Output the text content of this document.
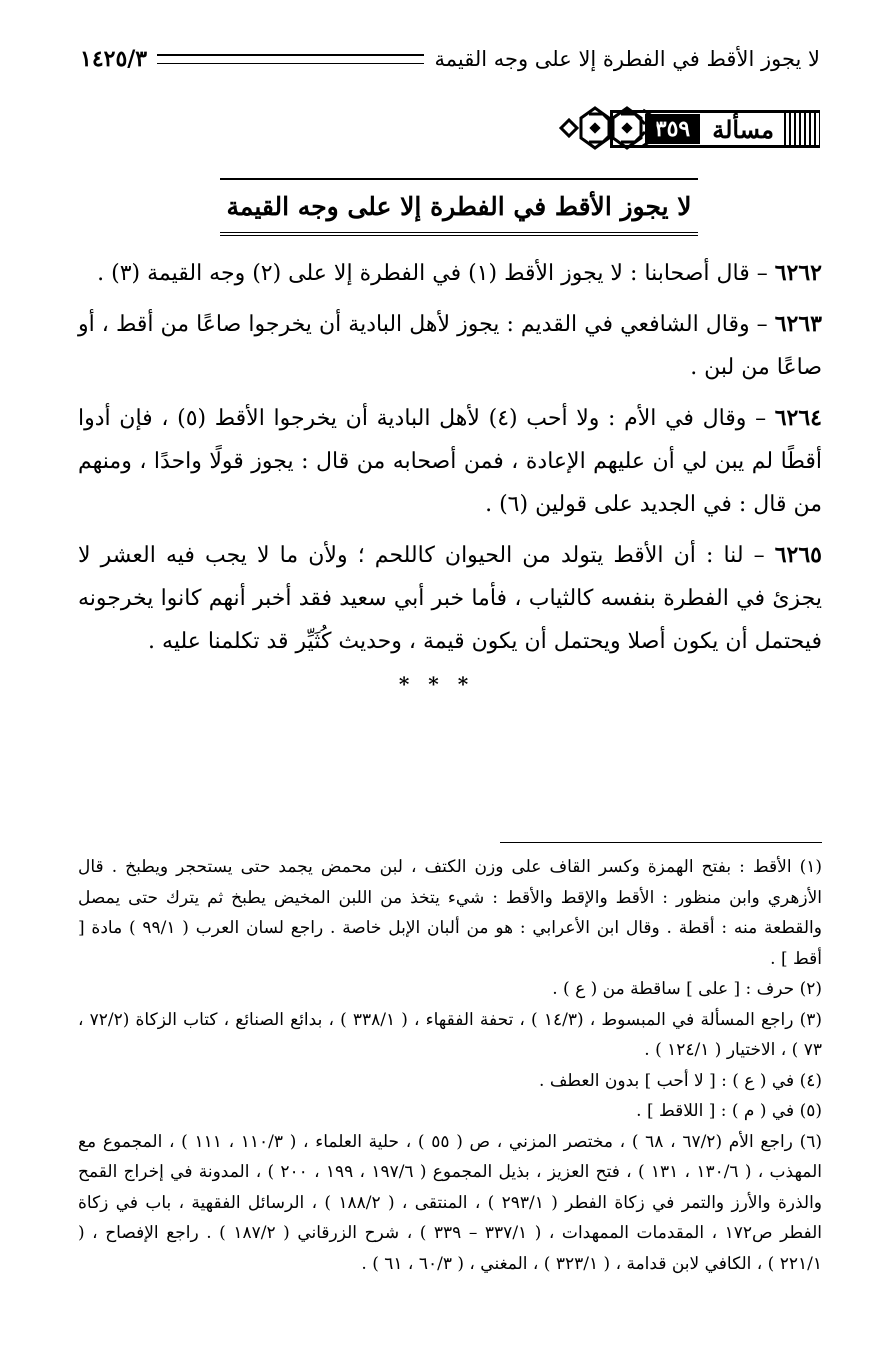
لا يجوز الأقط في الفطرة إلا على وجه القيمة
١٤٢٥/٣
مسألة
٣٥٩
لا يجوز الأقط في الفطرة إلا على وجه القيمة

٦٢٦٢ – قال أصحابنا : لا يجوز الأقط (١) في الفطرة إلا على (٢) وجه القيمة (٣) .

٦٢٦٣ – وقال الشافعي في القديم : يجوز لأهل البادية أن يخرجوا صاعًا من أقط ، أو صاعًا من لبن .

٦٢٦٤ – وقال في الأم : ولا أحب (٤) لأهل البادية أن يخرجوا الأقط (٥) ، فإن أدوا أقطًا لم يبن لي أن عليهم الإعادة ، فمن أصحابه من قال : يجوز قولًا واحدًا ، ومنهم من قال : في الجديد على قولين (٦) .

٦٢٦٥ – لنا : أن الأقط يتولد من الحيوان كاللحم ؛ ولأن ما لا يجب فيه العشر لا يجزئ في الفطرة بنفسه كالثياب ، فأما خبر أبي سعيد فقد أخبر أنهم كانوا يخرجونه فيحتمل أن يكون أصلا ويحتمل أن يكون قيمة ، وحديث كُثَيِّر قد تكلمنا عليه .

* * *

(١) الأقط : بفتح الهمزة وكسر القاف على وزن الكتف ، لبن محمض يجمد حتى يستحجر ويطبخ . قال الأزهري وابن منظور : الأقط والإقط والأقط : شيء يتخذ من اللبن المخيض يطبخ ثم يترك حتى يمصل والقطعة منه : أقطة . وقال ابن الأعرابي : هو من ألبان الإبل خاصة . راجع لسان العرب ( ٩٩/١ ) مادة [ أقط ] .

(٢) حرف : [ على ] ساقطة من ( ع ) .

(٣) راجع المسألة في المبسوط ، (١٤/٣ ) ، تحفة الفقهاء ، ( ٣٣٨/١ ) ، بدائع الصنائع ، كتاب الزكاة (٧٢/٢ ، ٧٣ ) ، الاختيار ( ١٢٤/١ ) .

(٤) في ( ع ) : [ لا أحب ] بدون العطف .

(٥) في ( م ) : [ اللاقط ] .

(٦) راجع الأم (٦٧/٢ ، ٦٨ ) ، مختصر المزني ، ص ( ٥٥ ) ، حلية العلماء ، ( ١١٠/٣ ، ١١١ ) ، المجموع مع المهذب ، ( ١٣٠/٦ ، ١٣١ ) ، فتح العزيز ، بذيل المجموع ( ١٩٧/٦ ، ١٩٩ ، ٢٠٠ ) ، المدونة في إخراج القمح والذرة والأرز والتمر في زكاة الفطر ( ٢٩٣/١ ) ، المنتقى ، ( ١٨٨/٢ ) ، الرسائل الفقهية ، باب في زكاة الفطر ص١٧٢ ، المقدمات الممهدات ، ( ٣٣٧/١ – ٣٣٩ ) ، شرح الزرقاني ( ١٨٧/٢ ) . راجع الإفصاح ، ( ٢٢١/١ ) ، الكافي لابن قدامة ، ( ٣٢٣/١ ) ، المغني ، ( ٦٠/٣ ، ٦١ ) .
